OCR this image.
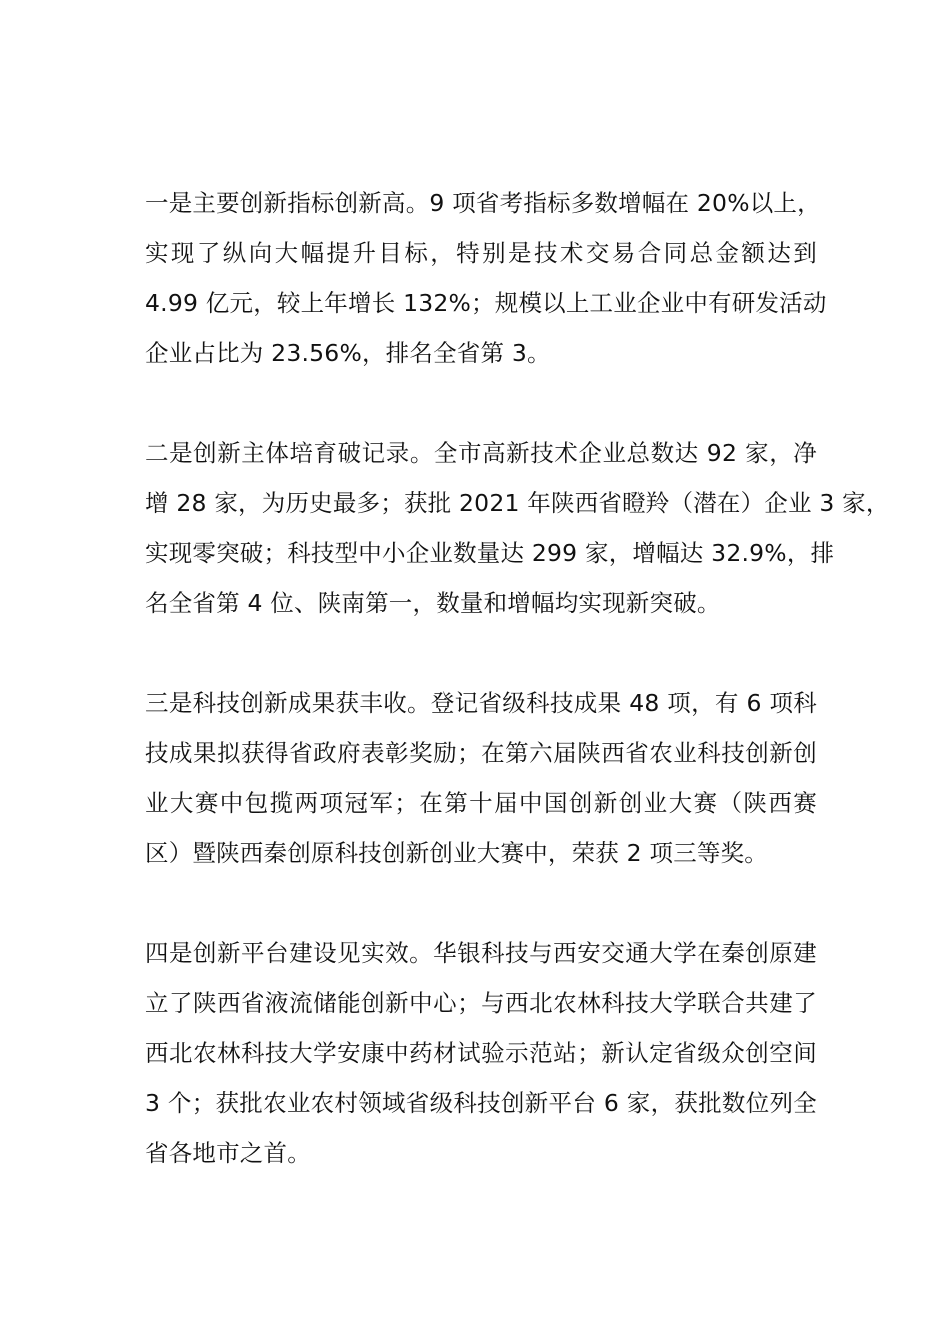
一是主要创新指标创新高。9 项省考指标多数增幅在 20%以上，
实现了纵向大幅提升目标，特别是技术交易合同总金额达到
4.99 亿元，较上年增长 132%；规模以上工业企业中有研发活动
企业占比为 23.56%，排名全省第 3。

二是创新主体培育破记录。全市高新技术企业总数达 92 家，净
增 28 家，为历史最多；获批 2021 年陕西省瞪羚（潜在）企业 3 家，
实现零突破；科技型中小企业数量达 299 家，增幅达 32.9%，排
名全省第 4 位、陕南第一，数量和增幅均实现新突破。

三是科技创新成果获丰收。登记省级科技成果 48 项，有 6 项科
技成果拟获得省政府表彰奖励；在第六届陕西省农业科技创新创
业大赛中包揽两项冠军；在第十届中国创新创业大赛（陕西赛
区）暨陕西秦创原科技创新创业大赛中，荣获 2 项三等奖。

四是创新平台建设见实效。华银科技与西安交通大学在秦创原建
立了陕西省液流储能创新中心；与西北农林科技大学联合共建了
西北农林科技大学安康中药材试验示范站；新认定省级众创空间
3 个；获批农业农村领域省级科技创新平台 6 家，获批数位列全
省各地市之首。
